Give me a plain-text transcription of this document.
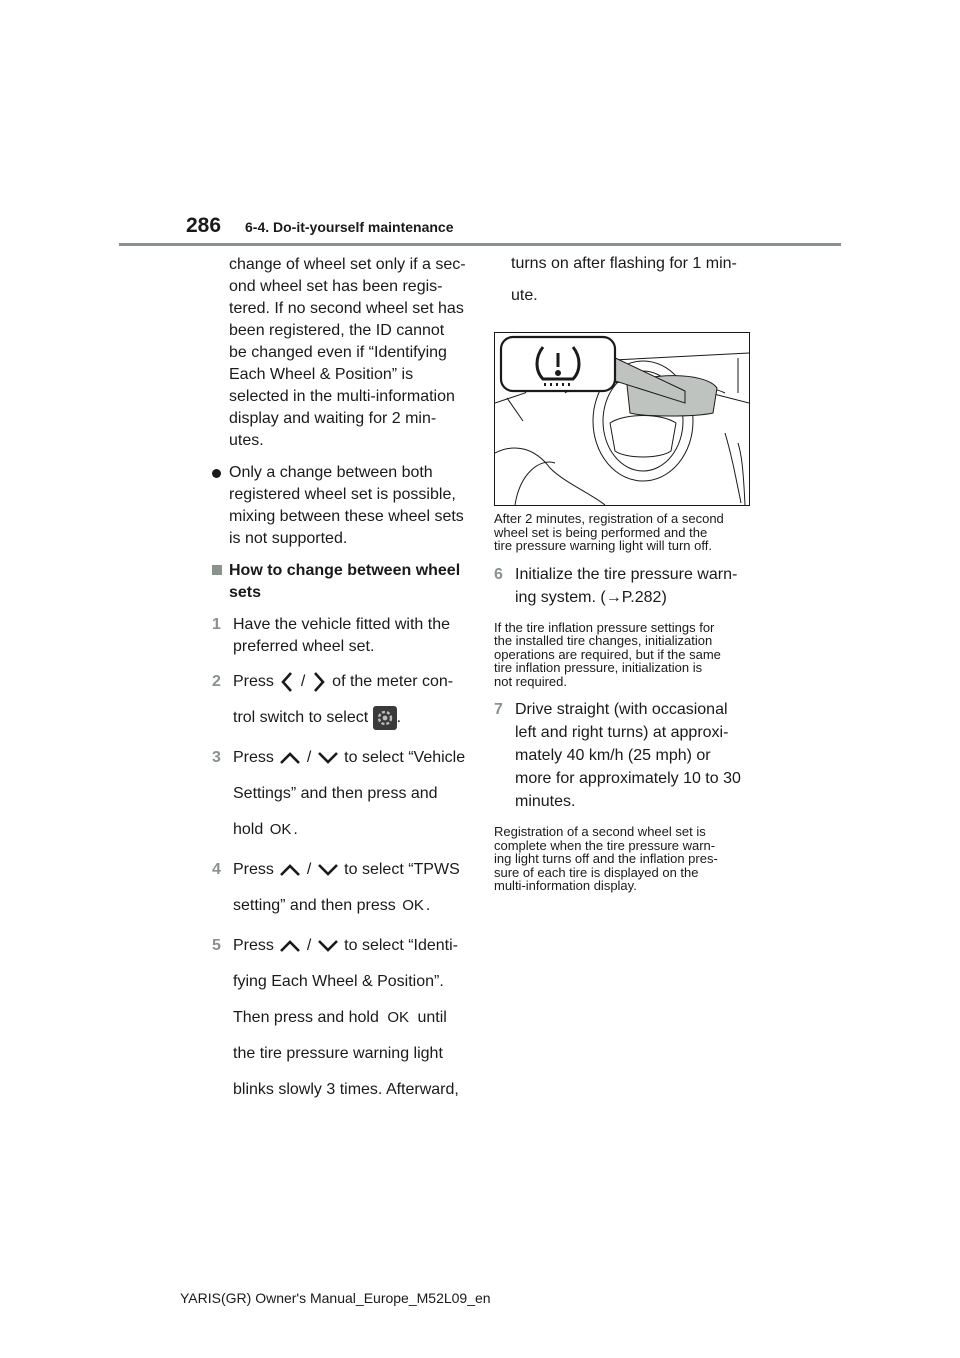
286 6-4. Do-it-yourself maintenance
change of wheel set only if a sec-
ond wheel set has been regis-
tered. If no second wheel set has
been registered, the ID cannot
be changed even if “Identifying
Each Wheel & Position” is
selected in the multi-information
display and waiting for 2 min-
utes.
Only a change between both
registered wheel set is possible,
mixing between these wheel sets
is not supported.
How to change between wheel
sets
1 Have the vehicle fitted with the
preferred wheel set.
2 Press / of the meter con-
trol switch to select .
3 Press / to select “Vehicle
Settings” and then press and
hold OK .
4 Press / to select “TPWS
setting” and then press OK .
5 Press / to select “Identi-
fying Each Wheel & Position”.
Then press and hold OK until
the tire pressure warning light
blinks slowly 3 times. Afterward,
turns on after flashing for 1 min-
ute.
After 2 minutes, registration of a second
wheel set is being performed and the
tire pressure warning light will turn off.
6 Initialize the tire pressure warn-
ing system. (→P.282)
If the tire inflation pressure settings for
the installed tire changes, initialization
operations are required, but if the same
tire inflation pressure, initialization is
not required.
7 Drive straight (with occasional
left and right turns) at approxi-
mately 40 km/h (25 mph) or
more for approximately 10 to 30
minutes.
Registration of a second wheel set is
complete when the tire pressure warn-
ing light turns off and the inflation pres-
sure of each tire is displayed on the
multi-information display.
YARIS(GR) Owner's Manual_Europe_M52L09_en
